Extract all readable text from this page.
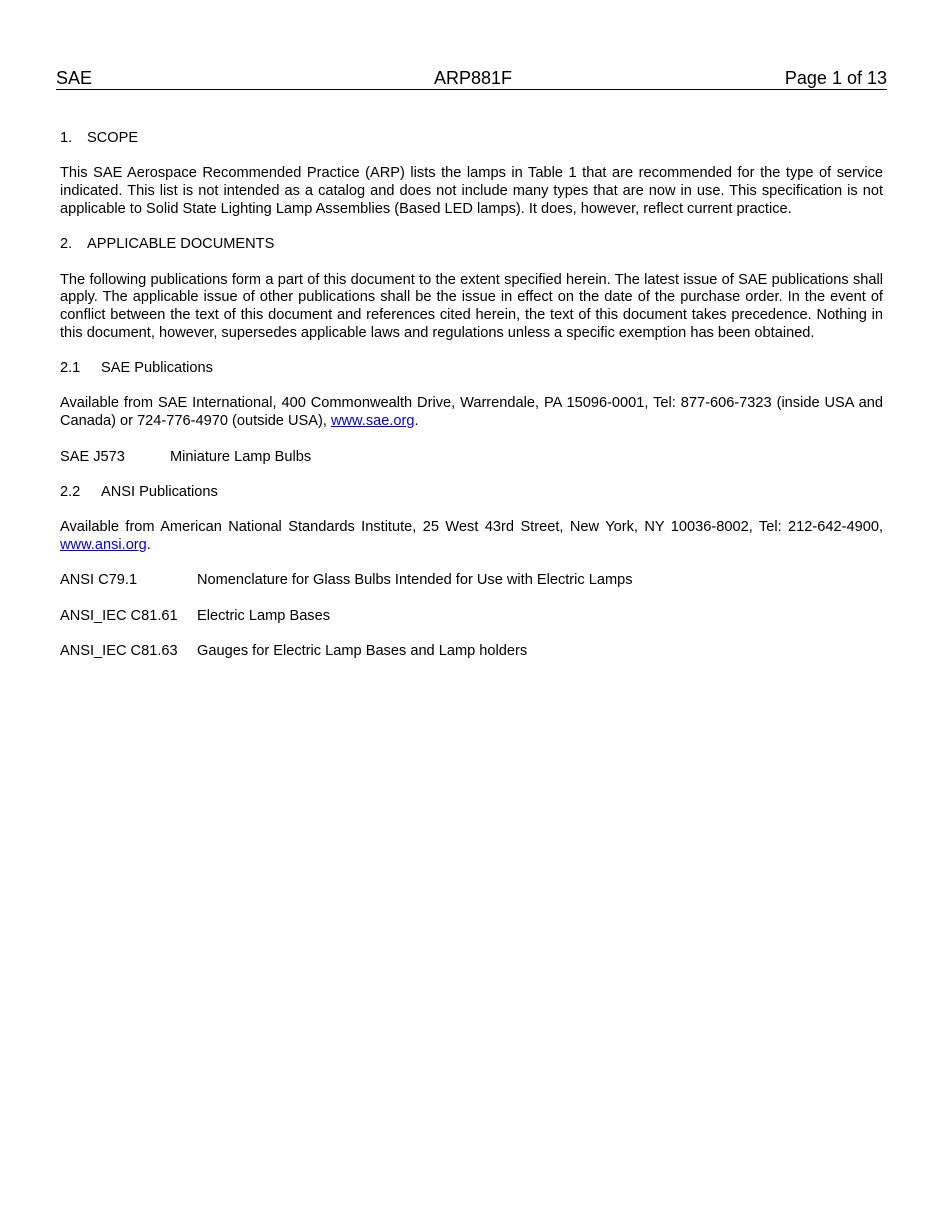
SAE	ARP881F	Page 1 of 13

1. SCOPE

This SAE Aerospace Recommended Practice (ARP) lists the lamps in Table 1 that are recommended for the type of service indicated. This list is not intended as a catalog and does not include many types that are now in use. This specification is not applicable to Solid State Lighting Lamp Assemblies (Based LED lamps). It does, however, reflect current practice.

2. APPLICABLE DOCUMENTS

The following publications form a part of this document to the extent specified herein. The latest issue of SAE publications shall apply. The applicable issue of other publications shall be the issue in effect on the date of the purchase order. In the event of conflict between the text of this document and references cited herein, the text of this document takes precedence. Nothing in this document, however, supersedes applicable laws and regulations unless a specific exemption has been obtained.

2.1 SAE Publications

Available from SAE International, 400 Commonwealth Drive, Warrendale, PA 15096-0001, Tel: 877-606-7323 (inside USA and Canada) or 724-776-4970 (outside USA), www.sae.org.

SAE J573	Miniature Lamp Bulbs

2.2 ANSI Publications

Available from American National Standards Institute, 25 West 43rd Street, New York, NY 10036-8002, Tel: 212-642-4900, www.ansi.org.

ANSI C79.1	Nomenclature for Glass Bulbs Intended for Use with Electric Lamps
ANSI_IEC C81.61	Electric Lamp Bases
ANSI_IEC C81.63	Gauges for Electric Lamp Bases and Lamp holders
